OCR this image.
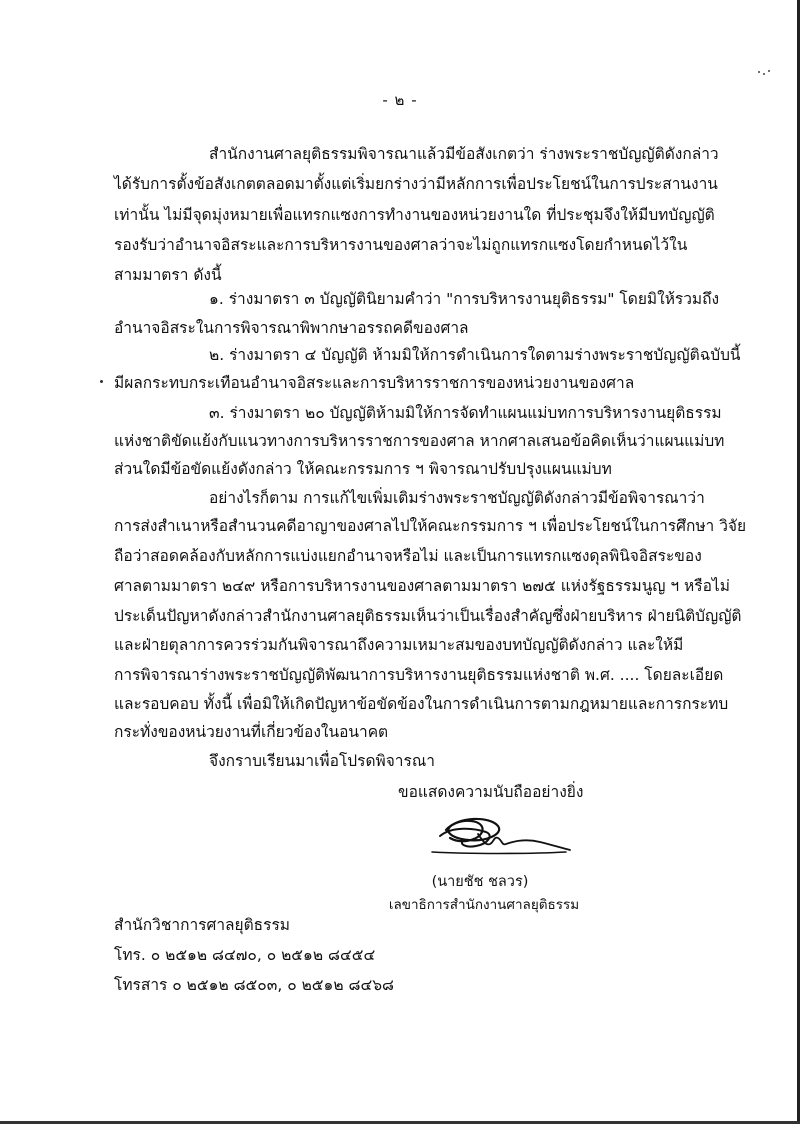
- ๒ -
สำนักงานศาลยุติธรรมพิจารณาแล้วมีข้อสังเกตว่า ร่างพระราชบัญญัติดังกล่าว
ได้รับการตั้งข้อสังเกตตลอดมาตั้งแต่เริ่มยกร่างว่ามีหลักการเพื่อประโยชน์ในการประสานงาน
เท่านั้น ไม่มีจุดมุ่งหมายเพื่อแทรกแซงการทำงานของหน่วยงานใด ที่ประชุมจึงให้มีบทบัญญัติ
รองรับว่าอำนาจอิสระและการบริหารงานของศาลว่าจะไม่ถูกแทรกแซงโดยกำหนดไว้ใน
สามมาตรา ดังนี้
๑. ร่างมาตรา ๓ บัญญัตินิยามคำว่า "การบริหารงานยุติธรรม" โดยมิให้รวมถึง
อำนาจอิสระในการพิจารณาพิพากษาอรรถคดีของศาล
๒. ร่างมาตรา ๔ บัญญัติ ห้ามมิให้การดำเนินการใดตามร่างพระราชบัญญัติฉบับนี้
มีผลกระทบกระเทือนอำนาจอิสระและการบริหารราชการของหน่วยงานของศาล
๓. ร่างมาตรา ๒๐ บัญญัติห้ามมิให้การจัดทำแผนแม่บทการบริหารงานยุติธรรม
แห่งชาติขัดแย้งกับแนวทางการบริหารราชการของศาล หากศาลเสนอข้อคิดเห็นว่าแผนแม่บท
ส่วนใดมีข้อขัดแย้งดังกล่าว ให้คณะกรรมการ ฯ พิจารณาปรับปรุงแผนแม่บท
อย่างไรก็ตาม การแก้ไขเพิ่มเติมร่างพระราชบัญญัติดังกล่าวมีข้อพิจารณาว่า
การส่งสำเนาหรือสำนวนคดีอาญาของศาลไปให้คณะกรรมการ ฯ เพื่อประโยชน์ในการศึกษา วิจัย
ถือว่าสอดคล้องกับหลักการแบ่งแยกอำนาจหรือไม่ และเป็นการแทรกแซงดุลพินิจอิสระของ
ศาลตามมาตรา ๒๔๙ หรือการบริหารงานของศาลตามมาตรา ๒๗๕ แห่งรัฐธรรมนูญ ฯ หรือไม่
ประเด็นปัญหาดังกล่าวสำนักงานศาลยุติธรรมเห็นว่าเป็นเรื่องสำคัญซึ่งฝ่ายบริหาร ฝ่ายนิติบัญญัติ
และฝ่ายตุลาการควรร่วมกันพิจารณาถึงความเหมาะสมของบทบัญญัติดังกล่าว และให้มี
การพิจารณาร่างพระราชบัญญัติพัฒนาการบริหารงานยุติธรรมแห่งชาติ พ.ศ. .... โดยละเอียด
และรอบคอบ ทั้งนี้ เพื่อมิให้เกิดปัญหาข้อขัดข้องในการดำเนินการตามกฎหมายและการกระทบ
กระทั่งของหน่วยงานที่เกี่ยวข้องในอนาคต
จึงกราบเรียนมาเพื่อโปรดพิจารณา
ขอแสดงความนับถืออย่างยิ่ง
(นายชัช ชลวร)
เลขาธิการสำนักงานศาลยุติธรรม
สำนักวิชาการศาลยุติธรรม
โทร. ๐ ๒๕๑๒ ๘๔๗๐, ๐ ๒๕๑๒ ๘๔๕๔
โทรสาร ๐ ๒๕๑๒ ๘๕๐๓, ๐ ๒๕๑๒ ๘๔๖๘
